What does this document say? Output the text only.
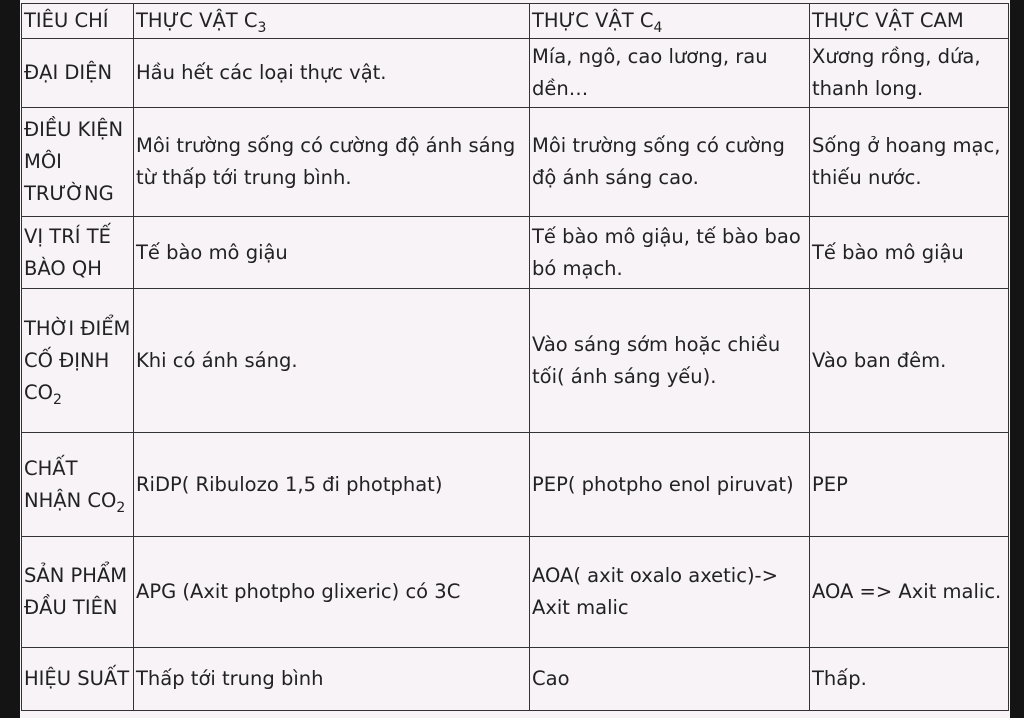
TIÊU CHÍ	THỰC VẬT $C_3$	THỰC VẬT $C_4$	THỰC VẬT CAM
ĐẠI DIỆN	Hầu hết các loại thực vật.	Mía, ngô, cao lương, rau dền…	Xương rồng, dứa, thanh long.
ĐIỀU KIỆN MÔI TRƯỜNG	Môi trường sống có cường độ ánh sáng từ thấp tới trung bình.	Môi trường sống có cường độ ánh sáng cao.	Sống ở hoang mạc, thiếu nước.
VỊ TRÍ TẾ BÀO QH	Tế bào mô giậu	Tế bào mô giậu, tế bào bao bó mạch.	Tế bào mô giậu
THỜI ĐIỂM CỐ ĐỊNH $CO_2$	Khi có ánh sáng.	Vào sáng sớm hoặc chiều tối( ánh sáng yếu).	Vào ban đêm.
CHẤT NHẬN $CO_2$	RiDP( Ribulozo 1,5 đi photphat)	PEP( photpho enol piruvat)	PEP
SẢN PHẨM ĐẦU TIÊN	APG (Axit photpho glixeric) có 3C	AOA( axit oxalo axetic)-> Axit malic	AOA => Axit malic.
HIỆU SUẤT	Thấp tới trung bình	Cao	Thấp.
